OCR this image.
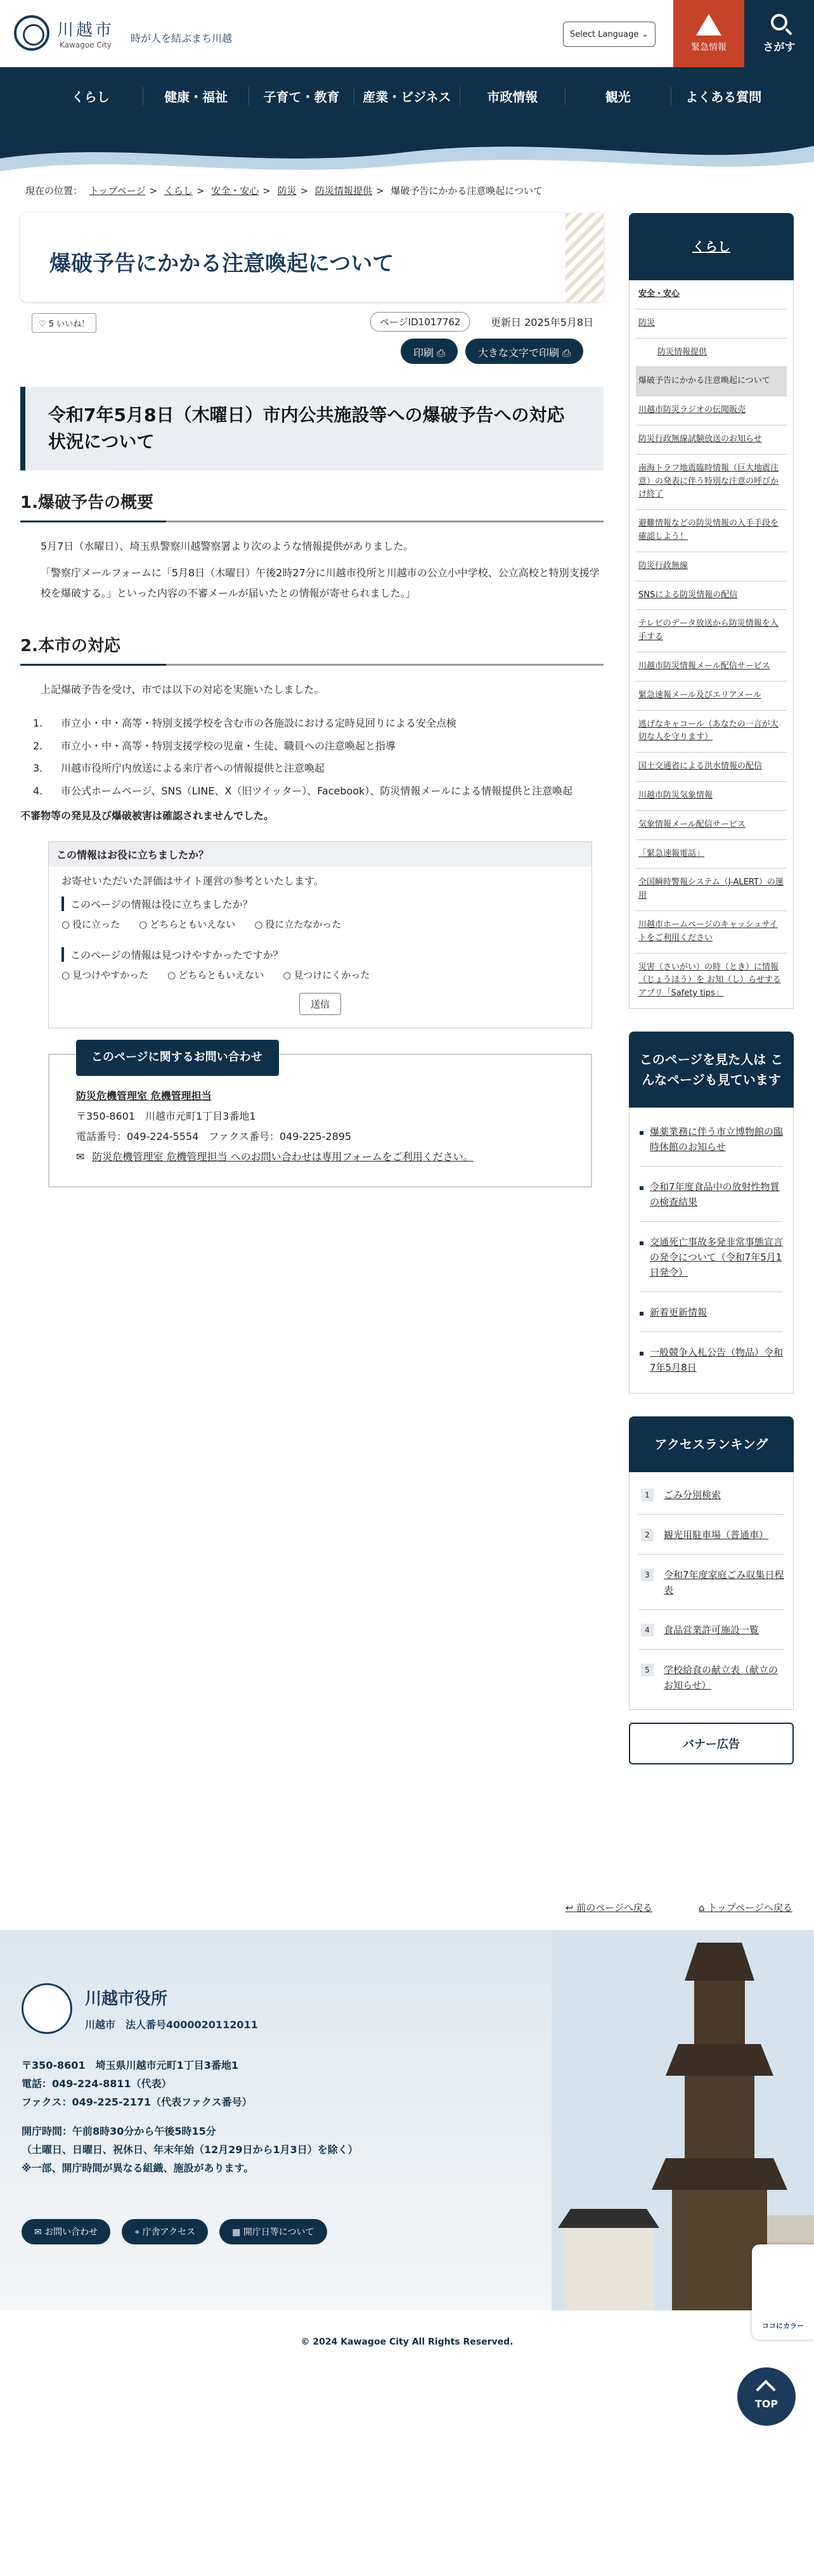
川越市
Kawagoe City
時が人を結ぶまち川越	Select Language ⌄
緊急情報	さがす
くらし	健康・福祉	子育て・教育	産業・ビジネス	市政情報	観光	よくある質問
現在の位置： トップページ > くらし > 安全・安心 > 防災 > 防災情報提供 > 爆破予告にかかる注意喚起について
爆破予告にかかる注意喚起について
♡ 5 いいね！	ページID1017762	更新日 2025年5月8日
印刷 ⎙	大きな文字で印刷 ⎙
令和7年5月8日（木曜日）市内公共施設等への爆破予告への対応状況について
1.爆破予告の概要
5月7日（水曜日）、埼玉県警察川越警察署より次のような情報提供がありました。
「警察庁メールフォームに「5月8日（木曜日）午後2時27分に川越市役所と川越市の公立小中学校、公立高校と特別支援学校を爆破する。」といった内容の不審メールが届いたとの情報が寄せられました。」
2.本市の対応
上記爆破予告を受け、市では以下の対応を実施いたしました。
1. 市立小・中・高等・特別支援学校を含む市の各施設における定時見回りによる安全点検
2. 市立小・中・高等・特別支援学校の児童・生徒、職員への注意喚起と指導
3. 川越市役所庁内放送による来庁者への情報提供と注意喚起
4. 市公式ホームページ、SNS（LINE、X（旧ツイッター）、Facebook）、防災情報メールによる情報提供と注意喚起
不審物等の発見及び爆破被害は確認されませんでした。
この情報はお役に立ちましたか？
お寄せいただいた評価はサイト運営の参考といたします。
このページの情報は役に立ちましたか？
○ 役に立った	○ どちらともいえない	○ 役に立たなかった
このページの情報は見つけやすかったですか？
○ 見つけやすかった	○ どちらともいえない	○ 見つけにくかった
送信
このページに関するお問い合わせ
防災危機管理室 危機管理担当
〒350-8601　川越市元町1丁目3番地1
電話番号：049-224-5554　ファクス番号：049-225-2895
✉ 防災危機管理室 危機管理担当 へのお問い合わせは専用フォームをご利用ください。
くらし
安全・安心
防災
防災情報提供
爆破予告にかかる注意喚起について
川越市防災ラジオの伝聞販売
防災行政無線試験放送のお知らせ
南海トラフ地震臨時情報（巨大地震注意）の発表に伴う特別な注意の呼びかけ終了
避難情報などの防災情報の入手手段を確認しよう！
防災行政無線
SNSによる防災情報の配信
テレビのデータ放送から防災情報を入手する
川越市防災情報メール配信サービス
緊急速報メール及びエリアメール
逃げなキャコール（あなたの一言が大切な人を守ります）
国土交通省による洪水情報の配信
川越市防災気象情報
気象情報メール配信サービス
「緊急速報電話」
全国瞬時警報システム（J-ALERT）の運用
川越市ホームページのキャッシュサイトをご利用ください
災害（さいがい）の時（とき）に情報（じょうほう）を お知（し）らせするアプリ「Safety tips」
このページを見た人は こんなページも見ています
爆薬業務に伴う市立博物館の臨時休館のお知らせ
令和7年度食品中の放射性物質の検査結果
交通死亡事故多発非常事態宣言の発令について（令和7年5月1日発令）
新着更新情報
一般競争入札公告（物品）令和7年5月8日
アクセスランキング
1	ごみ分別検索
2	観光用駐車場（普通車）
3	令和7年度家庭ごみ収集日程表
4	食品営業許可施設一覧
5	学校給食の献立表（献立のお知らせ）
バナー広告
↩ 前のページへ戻る	⌂ トップページへ戻る
川越市役所
川越市　法人番号4000020112011
〒350-8601　埼玉県川越市元町1丁目3番地1
電話：049-224-8811（代表）
ファクス：049-225-2171（代表ファクス番号）
開庁時間：午前8時30分から午後5時15分
（土曜日、日曜日、祝休日、年末年始（12月29日から1月3日）を除く）
※一部、開庁時間が異なる組織、施設があります。
✉ お問い合わせ	⌖ 庁舎アクセス	▦ 開庁日等について
ココにカラー
© 2024 Kawagoe City All Rights Reserved.
TOP
